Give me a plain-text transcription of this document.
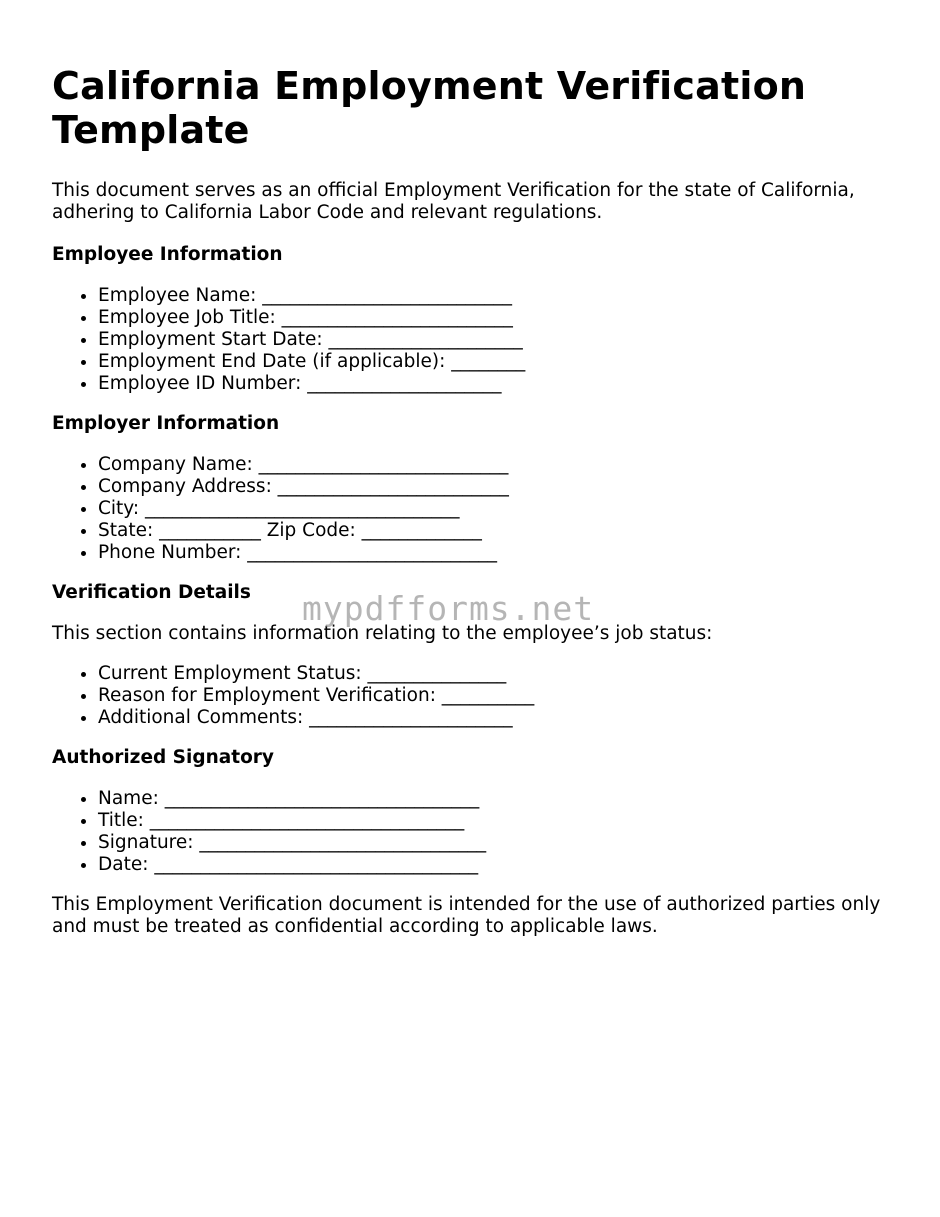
California Employment Verification Template

This document serves as an official Employment Verification for the state of California, adhering to California Labor Code and relevant regulations.

Employee Information
• Employee Name: ___________________________
• Employee Job Title: _________________________
• Employment Start Date: _____________________
• Employment End Date (if applicable): ________
• Employee ID Number: _____________________
Employer Information
• Company Name: ___________________________
• Company Address: _________________________
• City: __________________________________
• State: ___________ Zip Code: _____________
• Phone Number: ___________________________
Verification Details

This section contains information relating to the employee’s job status:

• Current Employment Status: _______________
• Reason for Employment Verification: __________
• Additional Comments: ______________________
Authorized Signatory
• Name: __________________________________
• Title: __________________________________
• Signature: _______________________________
• Date: ___________________________________

This Employment Verification document is intended for the use of authorized parties only and must be treated as confidential according to applicable laws.

mypdfforms.net
